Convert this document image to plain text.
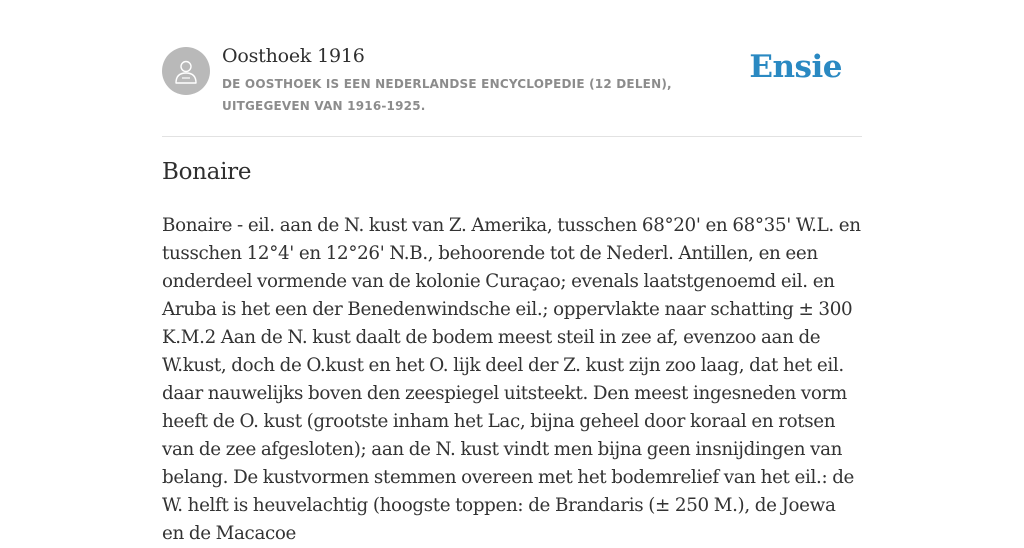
Oosthoek 1916
DE OOSTHOEK IS EEN NEDERLANDSE ENCYCLOPEDIE (12 DELEN), UITGEGEVEN VAN 1916-1925.
Ensie
Bonaire

Bonaire - eil. aan de N. kust van Z. Amerika, tusschen 68°20' en 68°35' W.L. en tusschen 12°4' en 12°26' N.B., behoorende tot de Nederl. Antillen, en een onderdeel vormende van de kolonie Curaçao; evenals laatstgenoemd eil. en Aruba is het een der Benedenwindsche eil.; oppervlakte naar schatting ± 300 K.M.2 Aan de N. kust daalt de bodem meest steil in zee af, evenzoo aan de W.kust, doch de O.kust en het O. lijk deel der Z. kust zijn zoo laag, dat het eil. daar nauwelijks boven den zeespiegel uitsteekt. Den meest ingesneden vorm heeft de O. kust (grootste inham het Lac, bijna geheel door koraal en rotsen van de zee afgesloten); aan de N. kust vindt men bijna geen insnijdingen van belang. De kustvormen stemmen overeen met het bodemrelief van het eil.: de W. helft is heuvelachtig (hoogste toppen: de Brandaris (± 250 M.), de Joewa en de Macacoe
